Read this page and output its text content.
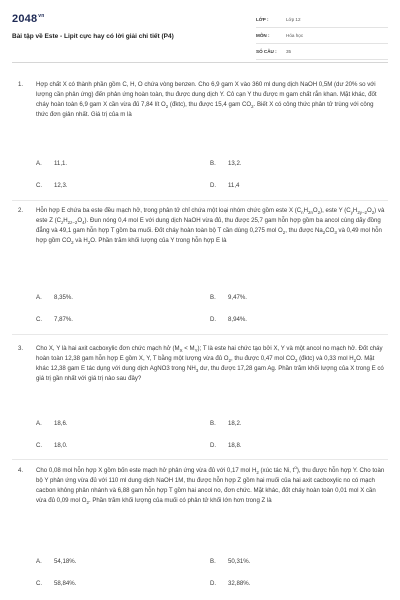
$2048^{vn}$
Bài tập về Este - Lipit cực hay có lời giải chi tiết (P4)
LỚP :	Lớp 12
MÔN :	Hóa học
SỐ CÂU :	35
1.	Hợp chất X có thành phần gồm C, H, O chứa vòng benzen. Cho 6,9 gam X vào 360 ml dung dịch NaOH 0,5M (dư 20% so với lượng cần phản ứng) đến phản ứng hoàn toàn, thu được dung dịch Y. Cô cạn Y thu được m gam chất rắn khan. Mặt khác, đốt cháy hoàn toàn 6,9 gam X cần vừa đủ 7,84 lít $O_2$ (đktc), thu được 15,4 gam $CO_2$. Biết X có công thức phân tử trùng với công thức đơn giản nhất. Giá trị của m là
A. 11,1.	B. 13,2.
C. 12,3.	D. 11,4
2.	Hỗn hợp E chứa ba este đều mạch hở, trong phân tử chỉ chứa một loại nhóm chức gồm este X $(C_nH_{2n}O_2)$, este Y $(C_yH_{2y-2}O_2)$ và este Z $(C_zH_{2z-2}O_4)$. Đun nóng 0,4 mol E với dung dịch NaOH vừa đủ, thu được 25,7 gam hỗn hợp gồm ba ancol cùng dãy đồng đẳng và 49,1 gam hỗn hợp T gồm ba muối. Đốt cháy hoàn toàn bộ T cần dùng 0,275 mol $O_2$, thu được $Na_2CO_3$ và 0,49 mol hỗn hợp gồm $CO_2$ và $H_2O$. Phần trăm khối lượng của Y trong hỗn hợp E là
A. 8,35%.	B. 9,47%.
C. 7,87%.	D. 8,94%.
3.	Cho X, Y là hai axit cacboxylic đơn chức mạch hở $(M_X < M_Y)$; T là este hai chức tạo bởi X, Y và một ancol no mạch hở. Đốt cháy hoàn toàn 12,38 gam hỗn hợp E gồm X, Y, T bằng một lượng vừa đủ $O_2$, thu được 0,47 mol $CO_2$ (đktc) và 0,33 mol $H_2O$. Mặt khác 12,38 gam E tác dụng với dung dịch AgNO3 trong $NH_3$ dư, thu được 17,28 gam Ag. Phần trăm khối lượng của X trong E có giá trị gần nhất với giá trị nào sau đây?
A. 18,6.	B. 18,2.
C. 18,0.	D. 18,8.
4.	Cho 0,08 mol hỗn hợp X gồm bốn este mạch hở phản ứng vừa đủ với 0,17 mol $H_2$ (xúc tác Ni, $t^o$), thu được hỗn hợp Y. Cho toàn bộ Y phản ứng vừa đủ với 110 ml dung dịch NaOH 1M, thu được hỗn hợp Z gồm hai muối của hai axit cacboxylic no có mạch cacbon không phân nhánh và 6,88 gam hỗn hợp T gồm hai ancol no, đơn chức. Mặt khác, đốt cháy hoàn toàn 0,01 mol X cần vừa đủ 0,09 mol $O_2$. Phần trăm khối lượng của muối có phân tử khối lớn hơn trong Z là
A. 54,18%.	B. 50,31%.
C. 58,84%.	D. 32,88%.
